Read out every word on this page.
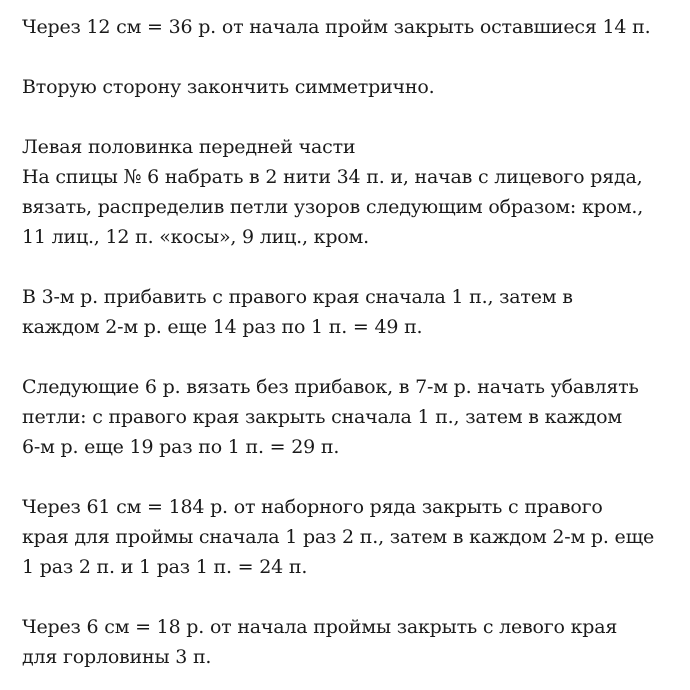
Через 12 см = 36 р. от начала пройм закрыть оставшиеся 14 п.

Вторую сторону закончить симметрично.

Левая половинка передней части
На спицы № 6 набрать в 2 нити 34 п. и, начав с лицевого ряда,
вязать, распределив петли узоров следующим образом: кром.,
11 лиц., 12 п. «косы», 9 лиц., кром.

В 3-м р. прибавить с правого края сначала 1 п., затем в
каждом 2-м р. еще 14 раз по 1 п. = 49 п.

Следующие 6 р. вязать без прибавок, в 7-м р. начать убавлять
петли: с правого края закрыть сначала 1 п., затем в каждом
6-м р. еще 19 раз по 1 п. = 29 п.

Через 61 см = 184 р. от наборного ряда закрыть с правого
края для проймы сначала 1 раз 2 п., затем в каждом 2-м р. еще
1 раз 2 п. и 1 раз 1 п. = 24 п.

Через 6 см = 18 р. от начала проймы закрыть с левого края
для горловины 3 п.
